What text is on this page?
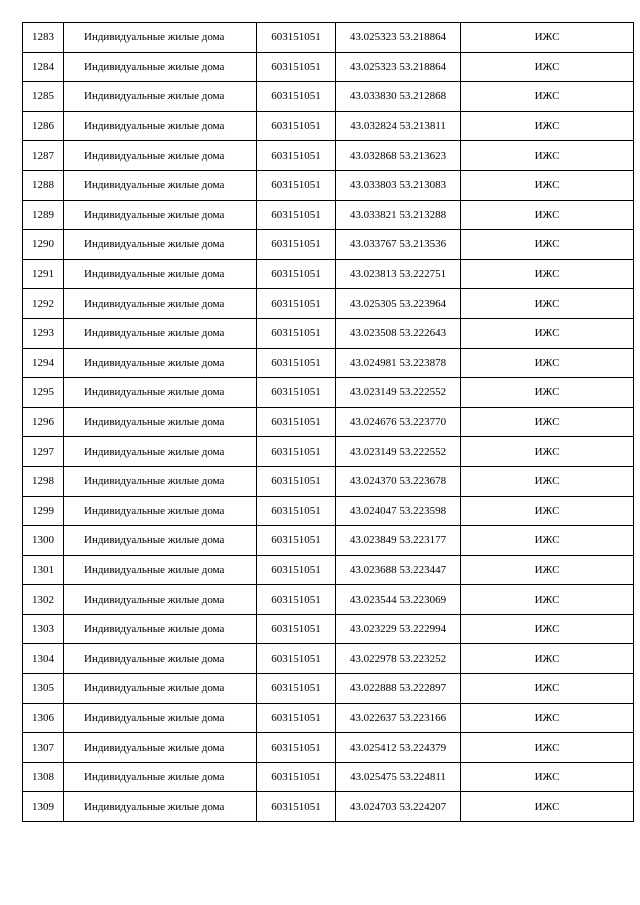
1283	Индивидуальные жилые дома	603151051	43.025323 53.218864	ИЖС
1284	Индивидуальные жилые дома	603151051	43.025323 53.218864	ИЖС
1285	Индивидуальные жилые дома	603151051	43.033830 53.212868	ИЖС
1286	Индивидуальные жилые дома	603151051	43.032824 53.213811	ИЖС
1287	Индивидуальные жилые дома	603151051	43.032868 53.213623	ИЖС
1288	Индивидуальные жилые дома	603151051	43.033803 53.213083	ИЖС
1289	Индивидуальные жилые дома	603151051	43.033821 53.213288	ИЖС
1290	Индивидуальные жилые дома	603151051	43.033767 53.213536	ИЖС
1291	Индивидуальные жилые дома	603151051	43.023813 53.222751	ИЖС
1292	Индивидуальные жилые дома	603151051	43.025305 53.223964	ИЖС
1293	Индивидуальные жилые дома	603151051	43.023508 53.222643	ИЖС
1294	Индивидуальные жилые дома	603151051	43.024981 53.223878	ИЖС
1295	Индивидуальные жилые дома	603151051	43.023149 53.222552	ИЖС
1296	Индивидуальные жилые дома	603151051	43.024676 53.223770	ИЖС
1297	Индивидуальные жилые дома	603151051	43.023149 53.222552	ИЖС
1298	Индивидуальные жилые дома	603151051	43.024370 53.223678	ИЖС
1299	Индивидуальные жилые дома	603151051	43.024047 53.223598	ИЖС
1300	Индивидуальные жилые дома	603151051	43.023849 53.223177	ИЖС
1301	Индивидуальные жилые дома	603151051	43.023688 53.223447	ИЖС
1302	Индивидуальные жилые дома	603151051	43.023544 53.223069	ИЖС
1303	Индивидуальные жилые дома	603151051	43.023229 53.222994	ИЖС
1304	Индивидуальные жилые дома	603151051	43.022978 53.223252	ИЖС
1305	Индивидуальные жилые дома	603151051	43.022888 53.222897	ИЖС
1306	Индивидуальные жилые дома	603151051	43.022637 53.223166	ИЖС
1307	Индивидуальные жилые дома	603151051	43.025412 53.224379	ИЖС
1308	Индивидуальные жилые дома	603151051	43.025475 53.224811	ИЖС
1309	Индивидуальные жилые дома	603151051	43.024703 53.224207	ИЖС
